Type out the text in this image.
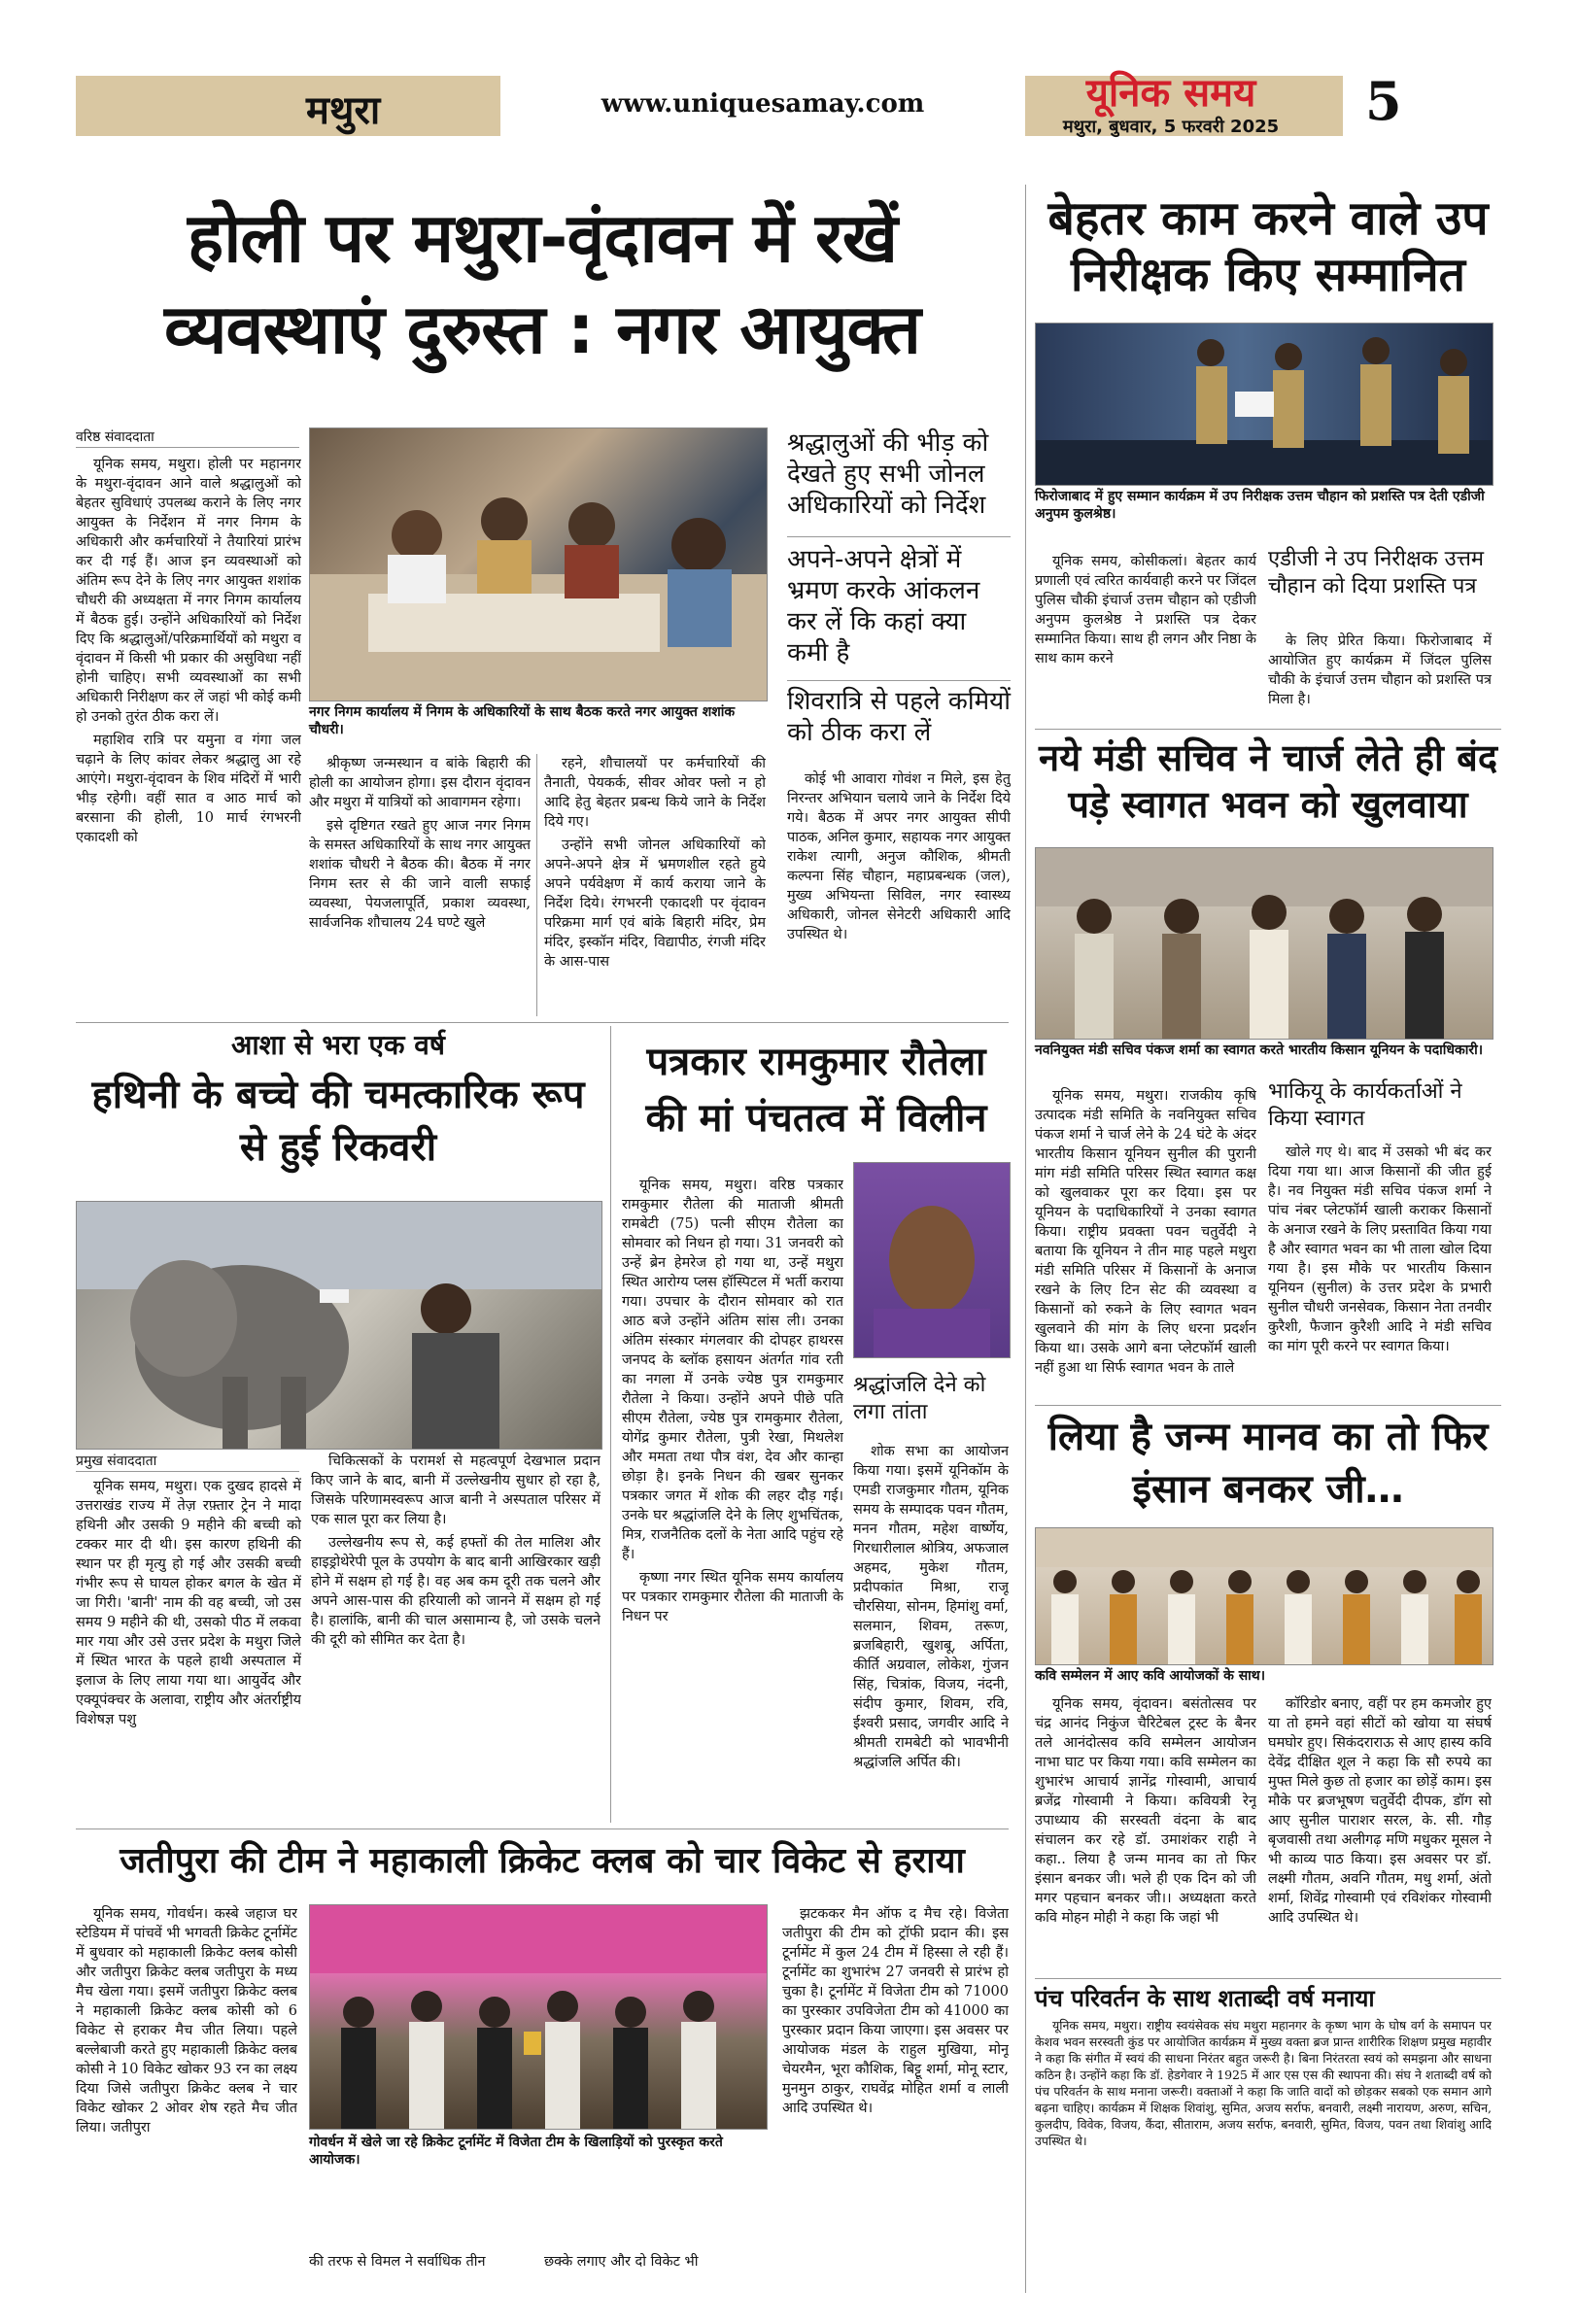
मथुरा	www.uniquesamay.com	यूनिक समय
मथुरा, बुधवार, 5 फरवरी 2025	5
होली पर मथुरा-वृंदावन में रखें
व्यवस्थाएं दुरुस्त : नगर आयुक्त
वरिष्ठ संवाददाता

यूनिक समय, मथुरा। होली पर महानगर के मथुरा-वृंदावन आने वाले श्रद्धालुओं को बेहतर सुविधाएं उपलब्ध कराने के लिए नगर आयुक्त के निर्देशन में नगर निगम के अधिकारी और कर्मचारियों ने तैयारियां प्रारंभ कर दी गई हैं। आज इन व्यवस्थाओं को अंतिम रूप देने के लिए नगर आयुक्त शशांक चौधरी की अध्यक्षता में नगर निगम कार्यालय में बैठक हुई। उन्होंने अधिकारियों को निर्देश दिए कि श्रद्धालुओं/परिक्रमार्थियों को मथुरा व वृंदावन में किसी भी प्रकार की असुविधा नहीं होनी चाहिए। सभी व्यवस्थाओं का सभी अधिकारी निरीक्षण कर लें जहां भी कोई कमी हो उनको तुरंत ठीक करा लें।

महाशिव रात्रि पर यमुना व गंगा जल चढ़ाने के लिए कांवर लेकर श्रद्धालु आ रहे आएंगे। मथुरा-वृंदावन के शिव मंदिरों में भारी भीड़ रहेगी। वहीं सात व आठ मार्च को बरसाना की होली, 10 मार्च रंगभरनी एकादशी को

नगर निगम कार्यालय में निगम के अधिकारियों के साथ बैठक करते नगर आयुक्त शशांक चौधरी।

श्रीकृष्ण जन्मस्थान व बांके बिहारी की होली का आयोजन होगा। इस दौरान वृंदावन और मथुरा में यात्रियों को आवागमन रहेगा।

इसे दृष्टिगत रखते हुए आज नगर निगम के समस्त अधिकारियों के साथ नगर आयुक्त शशांक चौधरी ने बैठक की। बैठक में नगर निगम स्तर से की जाने वाली सफाई व्यवस्था, पेयजलापूर्ति, प्रकाश व्यवस्था, सार्वजनिक शौचालय 24 घण्टे खुले

रहने, शौचालयों पर कर्मचारियों की तैनाती, पेयकर्क, सीवर ओवर फ्लो न हो आदि हेतु बेहतर प्रबन्ध किये जाने के निर्देश दिये गए।

उन्होंने सभी जोनल अधिकारियों को अपने-अपने क्षेत्र में भ्रमणशील रहते हुये अपने पर्यवेक्षण में कार्य कराया जाने के निर्देश दिये। रंगभरनी एकादशी पर वृंदावन परिक्रमा मार्ग एवं बांके बिहारी मंदिर, प्रेम मंदिर, इस्कॉन मंदिर, विद्यापीठ, रंगजी मंदिर के आस-पास

श्रद्धालुओं की भीड़ को देखते हुए सभी जोनल अधिकारियों को निर्देश
अपने-अपने क्षेत्रों में भ्रमण करके आंकलन कर लें कि कहां क्या कमी है
शिवरात्रि से पहले कमियों को ठीक करा लें

कोई भी आवारा गोवंश न मिले, इस हेतु निरन्तर अभियान चलाये जाने के निर्देश दिये गये। बैठक में अपर नगर आयुक्त सीपी पाठक, अनिल कुमार, सहायक नगर आयुक्त राकेश त्यागी, अनुज कौशिक, श्रीमती कल्पना सिंह चौहान, महाप्रबन्धक (जल), मुख्य अभियन्ता सिविल, नगर स्वास्थ्य अधिकारी, जोनल सेनेटरी अधिकारी आदि उपस्थित थे।

बेहतर काम करने वाले उप निरीक्षक किए सम्मानित
फिरोजाबाद में हुए सम्मान कार्यक्रम में उप निरीक्षक उत्तम चौहान को प्रशस्ति पत्र देती एडीजी अनुपम कुलश्रेष्ठ।

यूनिक समय, कोसीकलां। बेहतर कार्य प्रणाली एवं त्वरित कार्यवाही करने पर जिंदल पुलिस चौकी इंचार्ज उत्तम चौहान को एडीजी अनुपम कुलश्रेष्ठ ने प्रशस्ति पत्र देकर सम्मानित किया। साथ ही लगन और निष्ठा के साथ काम करने

एडीजी ने उप निरीक्षक उत्तम चौहान को दिया प्रशस्ति पत्र

के लिए प्रेरित किया। फिरोजाबाद में आयोजित हुए कार्यक्रम में जिंदल पुलिस चौकी के इंचार्ज उत्तम चौहान को प्रशस्ति पत्र मिला है।

नये मंडी सचिव ने चार्ज लेते ही बंद पड़े स्वागत भवन को खुलवाया
नवनियुक्त मंडी सचिव पंकज शर्मा का स्वागत करते भारतीय किसान यूनियन के पदाधिकारी।

यूनिक समय, मथुरा। राजकीय कृषि उत्पादक मंडी समिति के नवनियुक्त सचिव पंकज शर्मा ने चार्ज लेने के 24 घंटे के अंदर भारतीय किसान यूनियन सुनील की पुरानी मांग मंडी समिति परिसर स्थित स्वागत कक्ष को खुलवाकर पूरा कर दिया। इस पर यूनियन के पदाधिकारियों ने उनका स्वागत किया। राष्ट्रीय प्रवक्ता पवन चतुर्वेदी ने बताया कि यूनियन ने तीन माह पहले मथुरा मंडी समिति परिसर में किसानों के अनाज रखने के लिए टिन सेट की व्यवस्था व किसानों को रुकने के लिए स्वागत भवन खुलवाने की मांग के लिए धरना प्रदर्शन किया था। उसके आगे बना प्लेटफॉर्म खाली नहीं हुआ था सिर्फ स्वागत भवन के ताले

भाकियू के कार्यकर्ताओं ने किया स्वागत

खोले गए थे। बाद में उसको भी बंद कर दिया गया था। आज किसानों की जीत हुई है। नव नियुक्त मंडी सचिव पंकज शर्मा ने पांच नंबर प्लेटफॉर्म खाली कराकर किसानों के अनाज रखने के लिए प्रस्तावित किया गया है और स्वागत भवन का भी ताला खोल दिया गया है। इस मौके पर भारतीय किसान यूनियन (सुनील) के उत्तर प्रदेश के प्रभारी सुनील चौधरी जनसेवक, किसान नेता तनवीर कुरैशी, फैजान कुरैशी आदि ने मंडी सचिव का मांग पूरी करने पर स्वागत किया।

आशा से भरा एक वर्ष
हथिनी के बच्चे की चमत्कारिक रूप से हुई रिकवरी
प्रमुख संवाददाता

यूनिक समय, मथुरा। एक दुखद हादसे में उत्तराखंड राज्य में तेज़ रफ़्तार ट्रेन ने मादा हथिनी और उसकी 9 महीने की बच्ची को टक्कर मार दी थी। इस कारण हथिनी की स्थान पर ही मृत्यु हो गई और उसकी बच्ची गंभीर रूप से घायल होकर बगल के खेत में जा गिरी। 'बानी' नाम की वह बच्ची, जो उस समय 9 महीने की थी, उसको पीठ में लकवा मार गया और उसे उत्तर प्रदेश के मथुरा जिले में स्थित भारत के पहले हाथी अस्पताल में इलाज के लिए लाया गया था। आयुर्वेद और एक्यूपंक्चर के अलावा, राष्ट्रीय और अंतर्राष्ट्रीय विशेषज्ञ पशु

चिकित्सकों के परामर्श से महत्वपूर्ण देखभाल प्रदान किए जाने के बाद, बानी में उल्लेखनीय सुधार हो रहा है, जिसके परिणामस्वरूप आज बानी ने अस्पताल परिसर में एक साल पूरा कर लिया है।

उल्लेखनीय रूप से, कई हफ्तों की तेल मालिश और हाइड्रोथेरेपी पूल के उपयोग के बाद बानी आखिरकार खड़ी होने में सक्षम हो गई है। वह अब कम दूरी तक चलने और अपने आस-पास की हरियाली को जानने में सक्षम हो गई है। हालांकि, बानी की चाल असामान्य है, जो उसके चलने की दूरी को सीमित कर देता है।

पत्रकार रामकुमार रौतेला की मां पंचतत्व में विलीन

यूनिक समय, मथुरा। वरिष्ठ पत्रकार रामकुमार रौतेला की माताजी श्रीमती रामबेटी (75) पत्नी सीएम रौतेला का सोमवार को निधन हो गया। 31 जनवरी को उन्हें ब्रेन हेमरेज हो गया था, उन्हें मथुरा स्थित आरोग्य प्लस हॉस्पिटल में भर्ती कराया गया। उपचार के दौरान सोमवार को रात आठ बजे उन्होंने अंतिम सांस ली। उनका अंतिम संस्कार मंगलवार की दोपहर हाथरस जनपद के ब्लॉक हसायन अंतर्गत गांव रती का नगला में उनके ज्येष्ठ पुत्र रामकुमार रौतेला ने किया। उन्होंने अपने पीछे पति सीएम रौतेला, ज्येष्ठ पुत्र रामकुमार रौतेला, योगेंद्र कुमार रौतेला, पुत्री रेखा, मिथलेश और ममता तथा पौत्र वंश, देव और कान्हा छोड़ा है। इनके निधन की खबर सुनकर पत्रकार जगत में शोक की लहर दौड़ गई। उनके घर श्रद्धांजलि देने के लिए शुभचिंतक, मित्र, राजनैतिक दलों के नेता आदि पहुंच रहे हैं।

कृष्णा नगर स्थित यूनिक समय कार्यालय पर पत्रकार रामकुमार रौतेला की माताजी के निधन पर

श्रद्धांजलि देने को लगा तांता

शोक सभा का आयोजन किया गया। इसमें यूनिकॉम के एमडी राजकुमार गौतम, यूनिक समय के सम्पादक पवन गौतम, मनन गौतम, महेश वार्ष्णेय, गिरधारीलाल श्रोत्रिय, अफजाल अहमद, मुकेश गौतम, प्रदीपकांत मिश्रा, राजू चौरसिया, सोनम, हिमांशु वर्मा, सलमान, शिवम, तरूण, ब्रजबिहारी, खुशबू, अर्पिता, कीर्ति अग्रवाल, लोकेश, गुंजन सिंह, चित्रांक, विजय, नंदनी, संदीप कुमार, शिवम, रवि, ईश्वरी प्रसाद, जगवीर आदि ने श्रीमती रामबेटी को भावभीनी श्रद्धांजलि अर्पित की।

लिया है जन्म मानव का तो फिर इंसान बनकर जी…
कवि सम्मेलन में आए कवि आयोजकों के साथ।

यूनिक समय, वृंदावन। बसंतोत्सव पर चंद्र आनंद निकुंज चैरिटेबल ट्रस्ट के बैनर तले आनंदोत्सव कवि सम्मेलन आयोजन नाभा घाट पर किया गया। कवि सम्मेलन का शुभारंभ आचार्य ज्ञानेंद्र गोस्वामी, आचार्य ब्रजेंद्र गोस्वामी ने किया। कवियत्री रेनू उपाध्याय की सरस्वती वंदना के बाद संचालन कर रहे डॉ. उमाशंकर राही ने कहा.. लिया है जन्म मानव का तो फिर इंसान बनकर जी। भले ही एक दिन को जी मगर पहचान बनकर जी।। अध्यक्षता करते कवि मोहन मोही ने कहा कि जहां भी

कॉरिडोर बनाए, वहीं पर हम कमजोर हुए या तो हमने वहां सीटों को खोया या संघर्ष घमघोर हुए। सिकंदराराऊ से आए हास्य कवि देवेंद्र दीक्षित शूल ने कहा कि सौ रुपये का मुफ्त मिले कुछ तो हजार का छोड़ें काम। इस मौके पर ब्रजभूषण चतुर्वेदी दीपक, डॉग सो आए सुनील पाराशर सरल, के. सी. गौड़ बृजवासी तथा अलीगढ़ मणि मधुकर मूसल ने भी काव्य पाठ किया। इस अवसर पर डॉ. लक्ष्मी गौतम, अवनि गौतम, मधु शर्मा, अंतो शर्मा, शिवेंद्र गोस्वामी एवं रविशंकर गोस्वामी आदि उपस्थित थे।

पंच परिवर्तन के साथ शताब्दी वर्ष मनाया

यूनिक समय, मथुरा। राष्ट्रीय स्वयंसेवक संघ मथुरा महानगर के कृष्ण भाग के घोष वर्ग के समापन पर केशव भवन सरस्वती कुंड पर आयोजित कार्यक्रम में मुख्य वक्ता ब्रज प्रान्त शारीरिक शिक्षण प्रमुख महावीर ने कहा कि संगीत में स्वयं की साधना निरंतर बहुत जरूरी है। बिना निरंतरता स्वयं को समझना और साधना कठिन है। उन्होंने कहा कि डॉ. हेडगेवार ने 1925 में आर एस एस की स्थापना की। संघ ने शताब्दी वर्ष को पंच परिवर्तन के साथ मनाना जरूरी। वक्ताओं ने कहा कि जाति वादों को छोड़कर सबको एक समान आगे बढ़ना चाहिए। कार्यक्रम में शिक्षक शिवांशु, सुमित, अजय सर्राफ, बनवारी, लक्ष्मी नारायण, अरुण, सचिन, कुलदीप, विवेक, विजय, कैंदा, सीताराम, अजय सर्राफ, बनवारी, सुमित, विजय, पवन तथा शिवांशु आदि उपस्थित थे।

जतीपुरा की टीम ने महाकाली क्रिकेट क्लब को चार विकेट से हराया

यूनिक समय, गोवर्धन। कस्बे जहाज घर स्टेडियम में पांचवें भी भगवती क्रिकेट टूर्नामेंट में बुधवार को महाकाली क्रिकेट क्लब कोसी और जतीपुरा क्रिकेट क्लब जतीपुरा के मध्य मैच खेला गया। इसमें जतीपुरा क्रिकेट क्लब ने महाकाली क्रिकेट क्लब कोसी को 6 विकेट से हराकर मैच जीत लिया। पहले बल्लेबाजी करते हुए महाकाली क्रिकेट क्लब कोसी ने 10 विकेट खोकर 93 रन का लक्ष्य दिया जिसे जतीपुरा क्रिकेट क्लब ने चार विकेट खोकर 2 ओवर शेष रहते मैच जीत लिया। जतीपुरा

गोवर्धन में खेले जा रहे क्रिकेट टूर्नामेंट में विजेता टीम के खिलाड़ियों को पुरस्कृत करते आयोजक।

की तरफ से विमल ने सर्वाधिक तीन	छक्के लगाए और दो विकेट भी

झटककर मैन ऑफ द मैच रहे। विजेता जतीपुरा की टीम को ट्रॉफी प्रदान की। इस टूर्नामेंट में कुल 24 टीम में हिस्सा ले रही हैं। टूर्नामेंट का शुभारंभ 27 जनवरी से प्रारंभ हो चुका है। टूर्नामेंट में विजेता टीम को 71000 का पुरस्कार उपविजेता टीम को 41000 का पुरस्कार प्रदान किया जाएगा। इस अवसर पर आयोजक मंडल के राहुल मुखिया, मोनू चेयरमैन, भूरा कौशिक, बिट्टू शर्मा, मोनू स्टार, मुनमुन ठाकुर, राघवेंद्र मोहित शर्मा व लाली आदि उपस्थित थे।
